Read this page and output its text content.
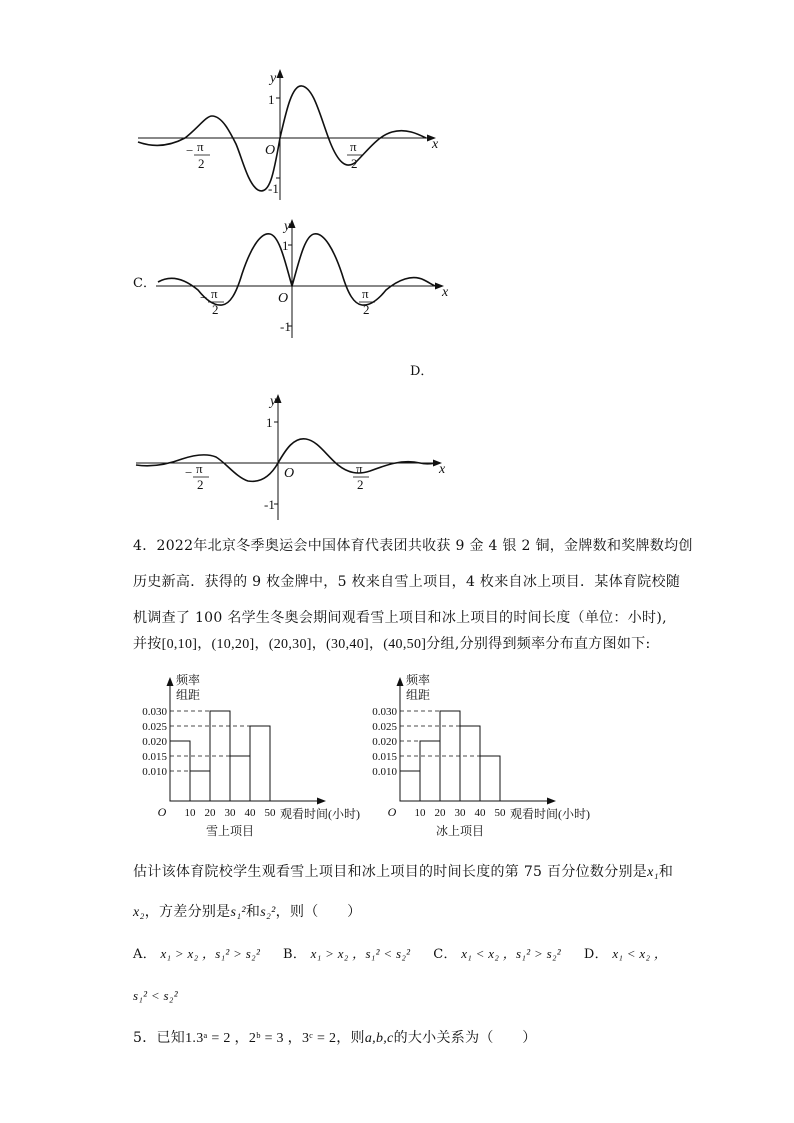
y
x
O
1
-1
− π
2
π
2
C．
y
x
O
1
-1
− π
2
π
2
D．
y
x
O
1
-1
− π
2
π
2
4．2022年北京冬季奥运会中国体育代表团共收获 9 金 4 银 2 铜，金牌数和奖牌数均创
历史新高．获得的 9 枚金牌中，5 枚来自雪上项目，4 枚来自冰上项目．某体育院校随
机调查了 100 名学生冬奥会期间观看雪上项目和冰上项目的时间长度（单位：小时),
并按[0,10]，(10,20]，(20,30]，(30,40]，(40,50]分组,分别得到频率分布直方图如下:
频率
组距
0.010
0.015
0.020
0.025
0.030
O 10 20 30 40 50 观看时间(小时)
雪上项目
频率
组距
0.010
0.015
0.020
0.025
0.030
O 10 20 30 40 50 观看时间(小时)
冰上项目
估计该体育院校学生观看雪上项目和冰上项目的时间长度的第 75 百分位数分别是x₁和
x₂，方差分别是s₁²和s₂²，则（　　）
A． x₁ > x₂ ，s₁² > s₂² B． x₁ > x₂ ，s₁² < s₂² C． x₁ < x₂ ，s₁² > s₂² D． x₁ < x₂ ，
s₁² < s₂²
5．已知1.3ᵃ = 2 ，2ᵇ = 3 ，3ᶜ = 2，则a,b,c的大小关系为（　　）
